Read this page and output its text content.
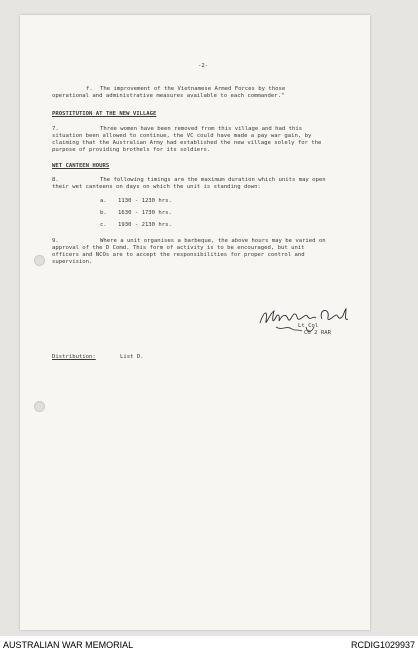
-2-
f. The improvement of the Vietnamese Armed Forces by those
operational and administrative measures available to each commander."
PROSTITUTION AT THE NEW VILLAGE
7.	Three women have been removed from this village and had this
situation been allowed to continue, the VC could have made a pay war gain, by
claiming that the Australian Army had established the new village solely for the
purpose of providing brothels for its soldiers.
WET CANTEEN HOURS
8.	The following timings are the maximum duration which units may open
their wet canteens on days on which the unit is standing down:
a. 1130 - 1230 hrs.
b. 1630 - 1730 hrs.
c. 1930 - 2130 hrs.
9.	Where a unit organises a barbeque, the above hours may be varied on
approval of the D Comd. This form of activity is to be encouraged, but unit
officers and NCOs are to accept the responsibilities for proper control and
supervision.
Lt Col
CO 2 RAR
Distribution:	List D.
AUSTRALIAN WAR MEMORIAL	RCDIG1029937
